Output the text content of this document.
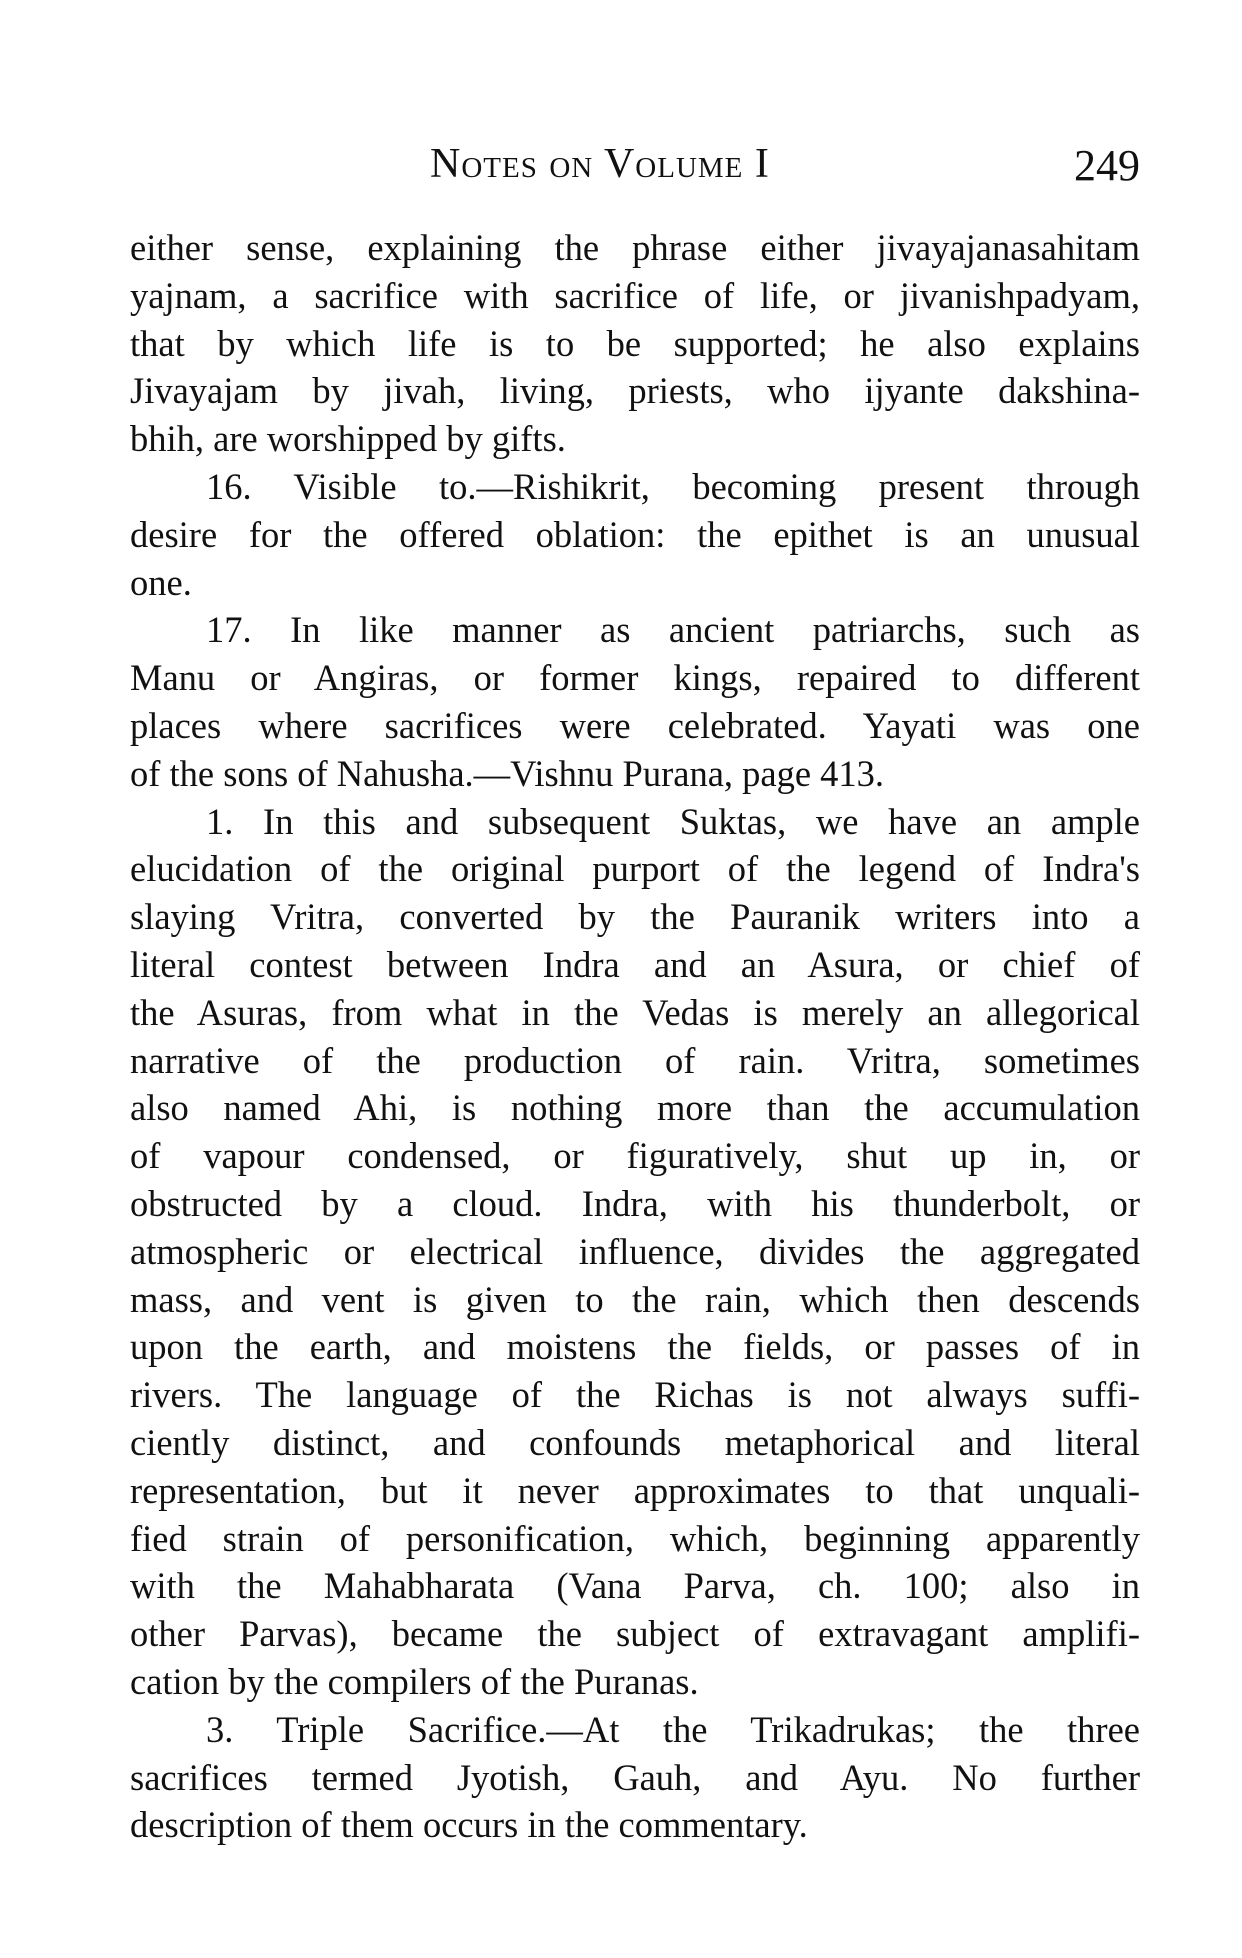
Notes on Volume I	249
either sense, explaining the phrase either jivayajanasahitam
yajnam, a sacrifice with sacrifice of life, or jivanishpadyam,
that by which life is to be supported; he also explains
Jivayajam by jivah, living, priests, who ijyante dakshina-
bhih, are worshipped by gifts.
16. Visible to.—Rishikrit, becoming present through
desire for the offered oblation: the epithet is an unusual
one.
17. In like manner as ancient patriarchs, such as
Manu or Angiras, or former kings, repaired to different
places where sacrifices were celebrated. Yayati was one
of the sons of Nahusha.—Vishnu Purana, page 413.
1. In this and subsequent Suktas, we have an ample
elucidation of the original purport of the legend of Indra's
slaying Vritra, converted by the Pauranik writers into a
literal contest between Indra and an Asura, or chief of
the Asuras, from what in the Vedas is merely an allegorical
narrative of the production of rain. Vritra, sometimes
also named Ahi, is nothing more than the accumulation
of vapour condensed, or figuratively, shut up in, or
obstructed by a cloud. Indra, with his thunderbolt, or
atmospheric or electrical influence, divides the aggregated
mass, and vent is given to the rain, which then descends
upon the earth, and moistens the fields, or passes of in
rivers. The language of the Richas is not always suffi-
ciently distinct, and confounds metaphorical and literal
representation, but it never approximates to that unquali-
fied strain of personification, which, beginning apparently
with the Mahabharata (Vana Parva, ch. 100; also in
other Parvas), became the subject of extravagant amplifi-
cation by the compilers of the Puranas.
3. Triple Sacrifice.—At the Trikadrukas; the three
sacrifices termed Jyotish, Gauh, and Ayu. No further
description of them occurs in the commentary.
